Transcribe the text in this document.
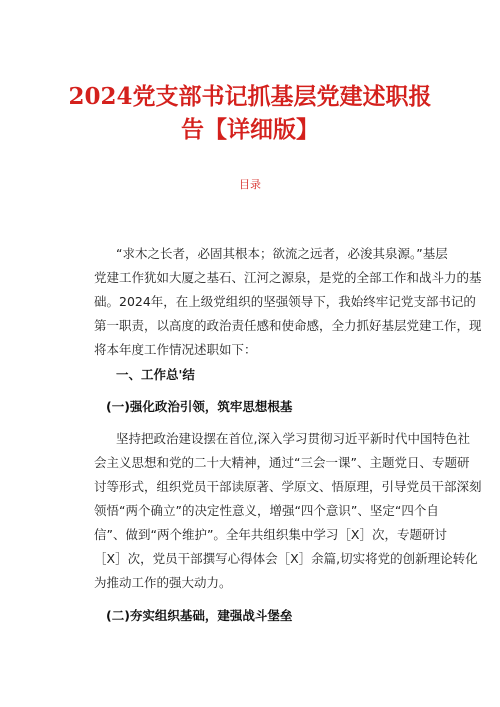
2024党支部书记抓基层党建述职报
告【详细版】
目录
“求木之长者，必固其根本；欲流之远者，必浚其泉源。”基层
党建工作犹如大厦之基石、江河之源泉，是党的全部工作和战斗力的基
础。2024年，在上级党组织的坚强领导下，我始终牢记党支部书记的
第一职责，以高度的政治责任感和使命感，全力抓好基层党建工作，现
将本年度工作情况述职如下：
一、工作总'结
(一)强化政治引领，筑牢思想根基
坚持把政治建设摆在首位,深入学习贯彻习近平新时代中国特色社
会主义思想和党的二十大精神，通过“三会一课”、主题党日、专题研
讨等形式，组织党员干部读原著、学原文、悟原理，引导党员干部深刻
领悟“两个确立”的决定性意义，增强“四个意识”、坚定“四个自
信”、做到“两个维护”。全年共组织集中学习［X］次，专题研讨
［X］次，党员干部撰写心得体会［X］余篇,切实将党的创新理论转化
为推动工作的强大动力。
(二)夯实组织基础，建强战斗堡垒
